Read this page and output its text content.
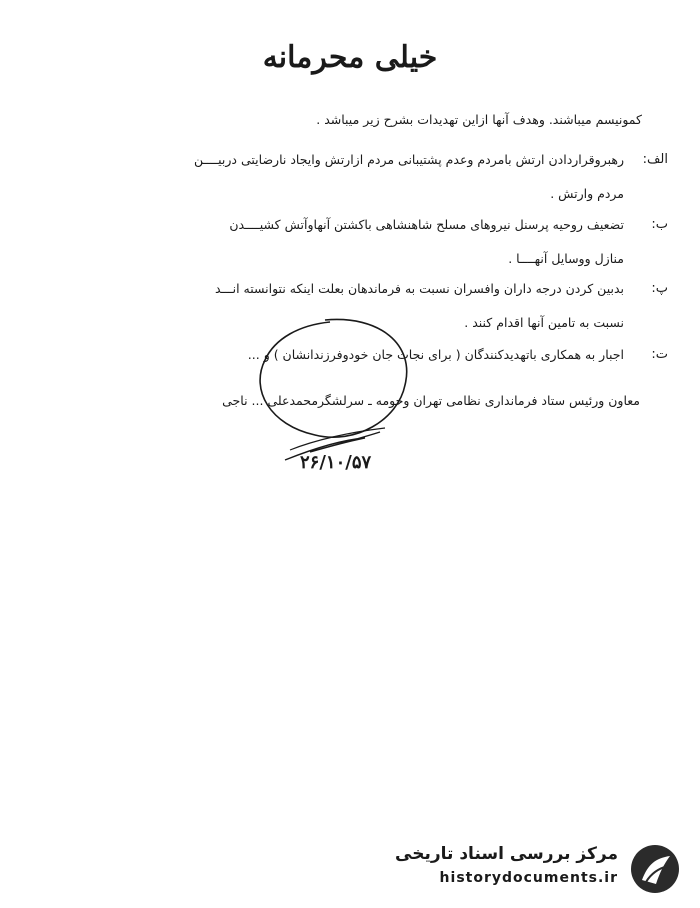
خیلی محرمانه
کمونیسم میباشند. وهدف آنها ازاین تهدیدات بشرح زیر میباشد .
الف:
رهبروقراردادن ارتش بامردم وعدم پشتیبانی مردم ازارتش وایجاد نارضایتی دربیــــن
مردم وارتش .
ب:
تضعیف روحیه پرسنل نیروهای مسلح شاهنشاهی باکشتن آنهاوآتش کشیــــدن
منازل ووسایل آنهــــا .
پ:
بدبین کردن درجه داران وافسران نسبت به فرماندهان بعلت اینکه نتوانسته انـــد
نسبت به تامین آنها اقدام کنند .
ت:
اجبار به همکاری باتهدیدکنندگان ( برای نجات جان خودوفرزندانشان ) و ...
معاون ورئیس ستاد فرمانداری نظامی تهران وحومه ـ سرلشگرمحمدعلی ... ناجی
۲۶/۱۰/۵۷
مرکز بررسی اسناد تاریخی
historydocuments.ir
